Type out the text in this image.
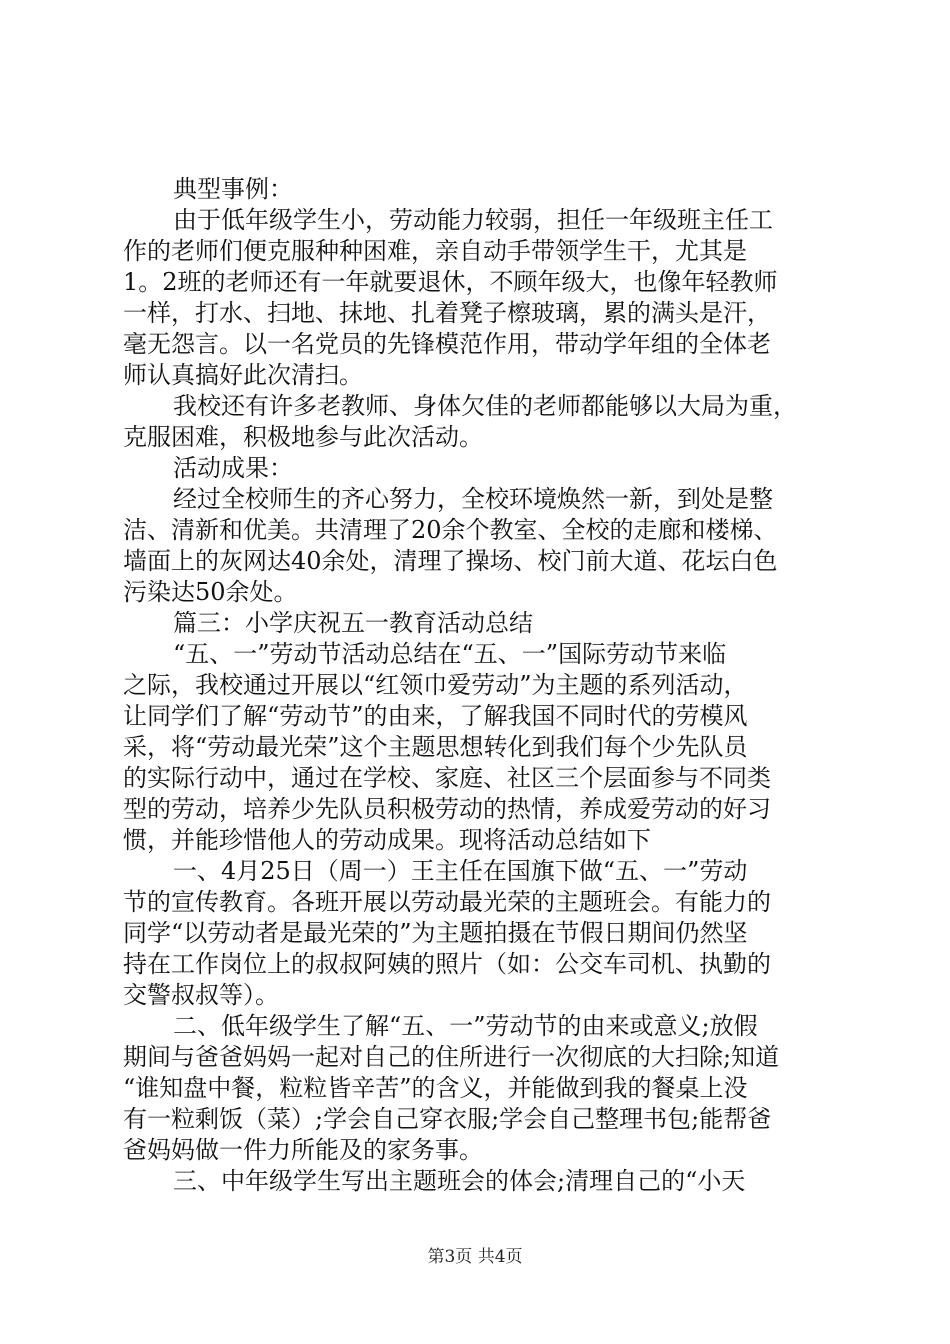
典型事例：
由于低年级学生小，劳动能力较弱，担任一年级班主任工
作的老师们便克服种种困难，亲自动手带领学生干，尤其是
1。2班的老师还有一年就要退休，不顾年级大，也像年轻教师
一样，打水、扫地、抹地、扎着凳子檫玻璃，累的满头是汗，
毫无怨言。以一名党员的先锋模范作用，带动学年组的全体老
师认真搞好此次清扫。
我校还有许多老教师、身体欠佳的老师都能够以大局为重，
克服困难，积极地参与此次活动。
活动成果：
经过全校师生的齐心努力，全校环境焕然一新，到处是整
洁、清新和优美。共清理了20余个教室、全校的走廊和楼梯、
墙面上的灰网达40余处，清理了操场、校门前大道、花坛白色
污染达50余处。
篇三：小学庆祝五一教育活动总结
“五、一”劳动节活动总结在“五、一”国际劳动节来临
之际，我校通过开展以“红领巾爱劳动”为主题的系列活动，
让同学们了解“劳动节”的由来，了解我国不同时代的劳模风
采，将“劳动最光荣”这个主题思想转化到我们每个少先队员
的实际行动中，通过在学校、家庭、社区三个层面参与不同类
型的劳动，培养少先队员积极劳动的热情，养成爱劳动的好习
惯，并能珍惜他人的劳动成果。现将活动总结如下
一、4月25日（周一）王主任在国旗下做“五、一”劳动
节的宣传教育。各班开展以劳动最光荣的主题班会。有能力的
同学“以劳动者是最光荣的”为主题拍摄在节假日期间仍然坚
持在工作岗位上的叔叔阿姨的照片（如：公交车司机、执勤的
交警叔叔等）。
二、低年级学生了解“五、一”劳动节的由来或意义;放假
期间与爸爸妈妈一起对自己的住所进行一次彻底的大扫除;知道
“谁知盘中餐，粒粒皆辛苦”的含义，并能做到我的餐桌上没
有一粒剩饭（菜）;学会自己穿衣服;学会自己整理书包;能帮爸
爸妈妈做一件力所能及的家务事。
三、中年级学生写出主题班会的体会;清理自己的“小天
第3页 共4页
